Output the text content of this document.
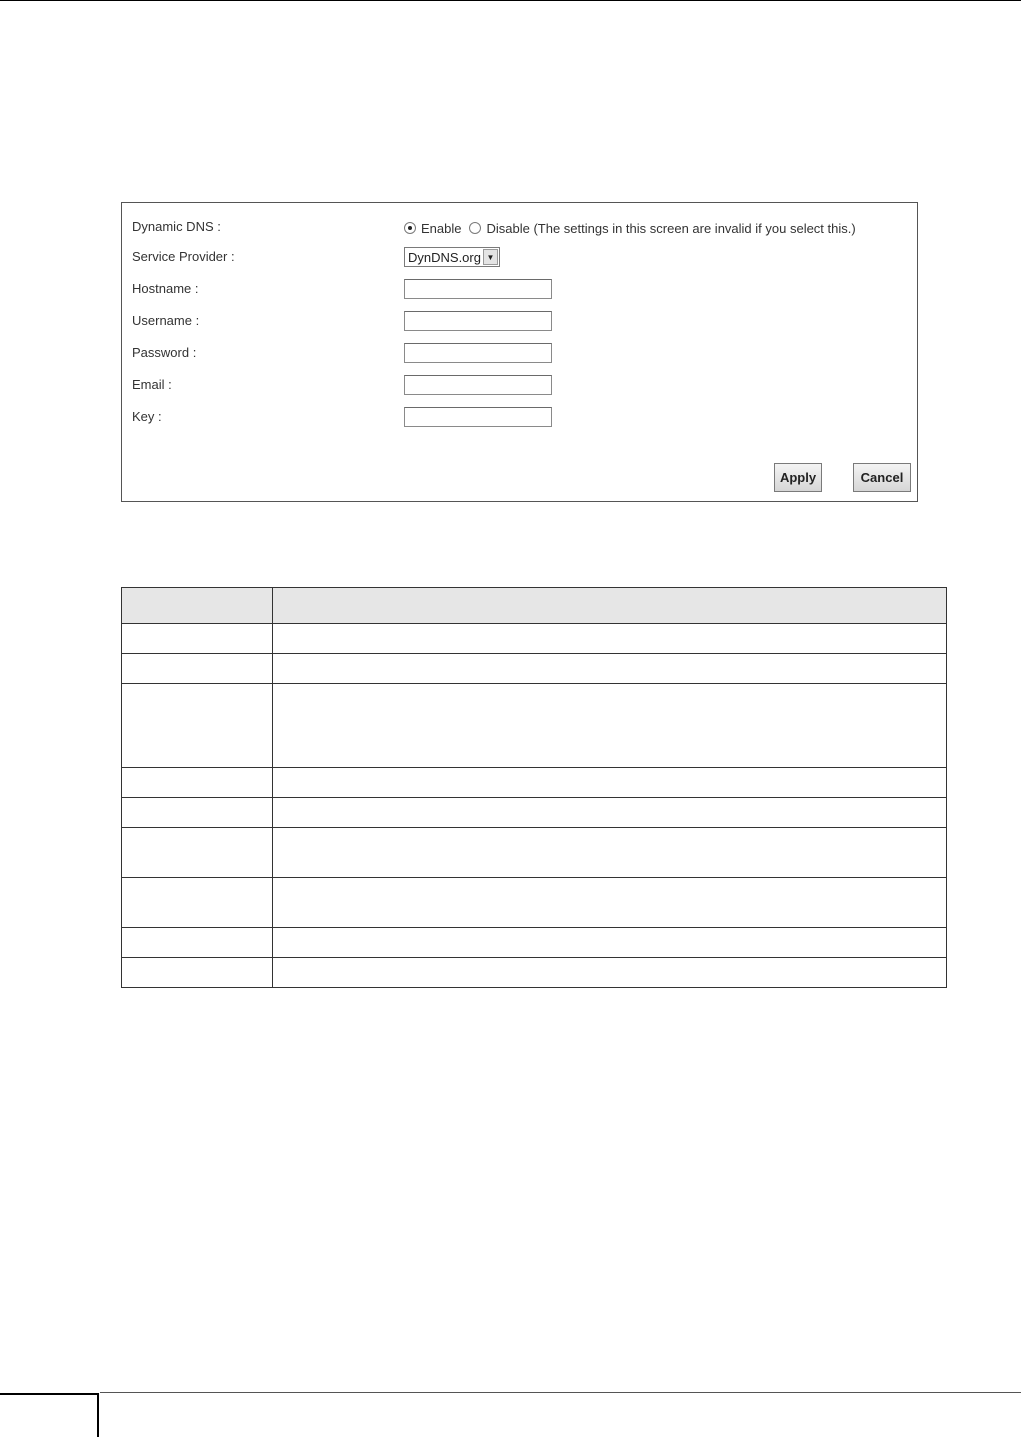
Dynamic DNS :	Enable Disable (The settings in this screen are invalid if you select this.)
Service Provider :	DynDNS.org ▼
Hostname :
Username :
Password :
Email :
Key :
Apply	Cancel
